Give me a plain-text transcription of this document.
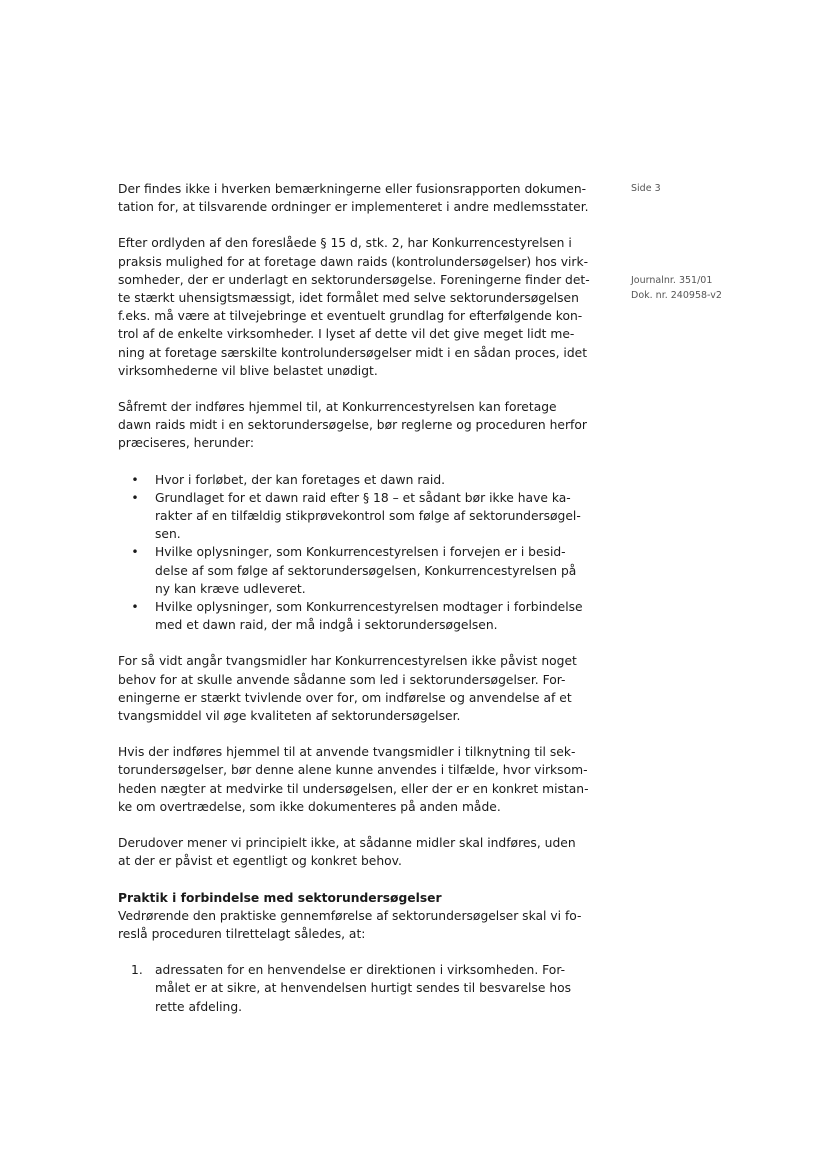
Side 3
Journalnr. 351/01
Dok. nr. 240958-v2

Der findes ikke i hverken bemærkningerne eller fusionsrapporten dokumen-
tation for, at tilsvarende ordninger er implementeret i andre medlemsstater.

Efter ordlyden af den foreslåede § 15 d, stk. 2, har Konkurrencestyrelsen i
praksis mulighed for at foretage dawn raids (kontrolundersøgelser) hos virk-
somheder, der er underlagt en sektorundersøgelse. Foreningerne finder det-
te stærkt uhensigtsmæssigt, idet formålet med selve sektorundersøgelsen
f.eks. må være at tilvejebringe et eventuelt grundlag for efterfølgende kon-
trol af de enkelte virksomheder. I lyset af dette vil det give meget lidt me-
ning at foretage særskilte kontrolundersøgelser midt i en sådan proces, idet
virksomhederne vil blive belastet unødigt.

Såfremt der indføres hjemmel til, at Konkurrencestyrelsen kan foretage
dawn raids midt i en sektorundersøgelse, bør reglerne og proceduren herfor
præciseres, herunder:

• Hvor i forløbet, der kan foretages et dawn raid.
• Grundlaget for et dawn raid efter § 18 – et sådant bør ikke have ka-
rakter af en tilfældig stikprøvekontrol som følge af sektorundersøgel-
sen.
• Hvilke oplysninger, som Konkurrencestyrelsen i forvejen er i besid-
delse af som følge af sektorundersøgelsen, Konkurrencestyrelsen på
ny kan kræve udleveret.
• Hvilke oplysninger, som Konkurrencestyrelsen modtager i forbindelse
med et dawn raid, der må indgå i sektorundersøgelsen.

For så vidt angår tvangsmidler har Konkurrencestyrelsen ikke påvist noget
behov for at skulle anvende sådanne som led i sektorundersøgelser. For-
eningerne er stærkt tvivlende over for, om indførelse og anvendelse af et
tvangsmiddel vil øge kvaliteten af sektorundersøgelser.

Hvis der indføres hjemmel til at anvende tvangsmidler i tilknytning til sek-
torundersøgelser, bør denne alene kunne anvendes i tilfælde, hvor virksom-
heden nægter at medvirke til undersøgelsen, eller der er en konkret mistan-
ke om overtrædelse, som ikke dokumenteres på anden måde.

Derudover mener vi principielt ikke, at sådanne midler skal indføres, uden
at der er påvist et egentligt og konkret behov.

Praktik i forbindelse med sektorundersøgelser

Vedrørende den praktiske gennemførelse af sektorundersøgelser skal vi fo-
reslå proceduren tilrettelagt således, at:

1. adressaten for en henvendelse er direktionen i virksomheden. For-
målet er at sikre, at henvendelsen hurtigt sendes til besvarelse hos
rette afdeling.
